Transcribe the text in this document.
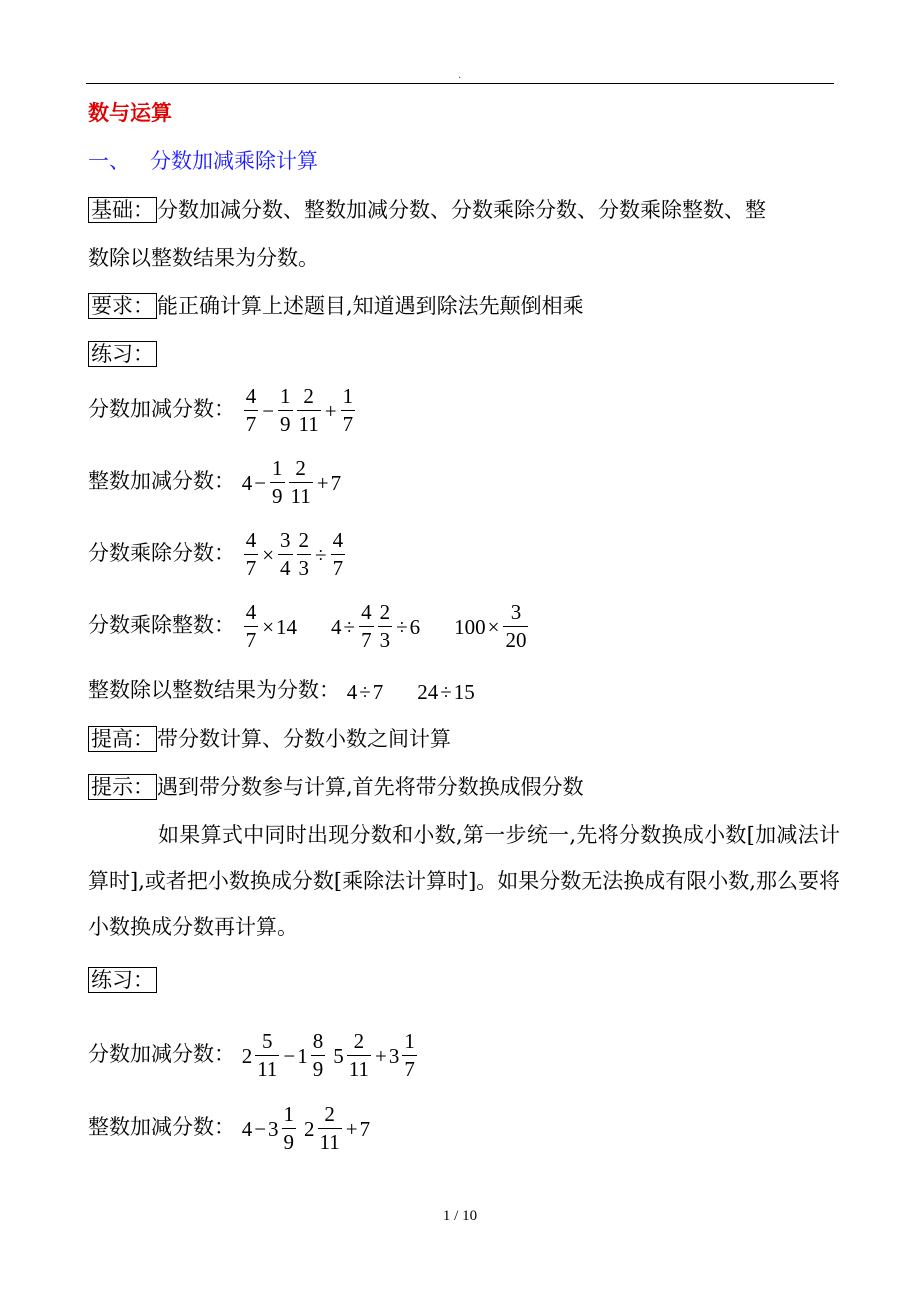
.
数与运算
一、 分数加减乘除计算
基础： 分数加减分数、整数加减分数、分数乘除分数、分数乘除整数、整
数除以整数结果为分数。
要求： 能正确计算上述题目,知道遇到除法先颠倒相乘
练习：
分数加减分数： $\frac{4}{7} - \frac{1}{9} \frac{2}{11} + \frac{1}{7}$
整数加减分数： $4 - \frac{1}{9} \frac{2}{11} + 7$
分数乘除分数： $\frac{4}{7} \times \frac{3}{4} \frac{2}{3} \div \frac{4}{7}$
分数乘除整数： $\frac{4}{7} \times 14$ $4 \div \frac{4}{7} \frac{2}{3} \div 6$ $100 \times \frac{3}{20}$
整数除以整数结果为分数： 4 ÷ 7 24 ÷ 15
提高： 带分数计算、分数小数之间计算
提示： 遇到带分数参与计算,首先将带分数换成假分数
如果算式中同时出现分数和小数,第一步统一,先将分数换成小数[加减法计算时],或者把小数换成分数[乘除法计算时]。如果分数无法换成有限小数,那么要将小数换成分数再计算。
练习：
分数加减分数： $2 \frac{5}{11} - 1 \frac{8}{9} 5 \frac{2}{11} + 3 \frac{1}{7}$
整数加减分数： $4 - 3 \frac{1}{9} 2 \frac{2}{11} + 7$
1 / 10
